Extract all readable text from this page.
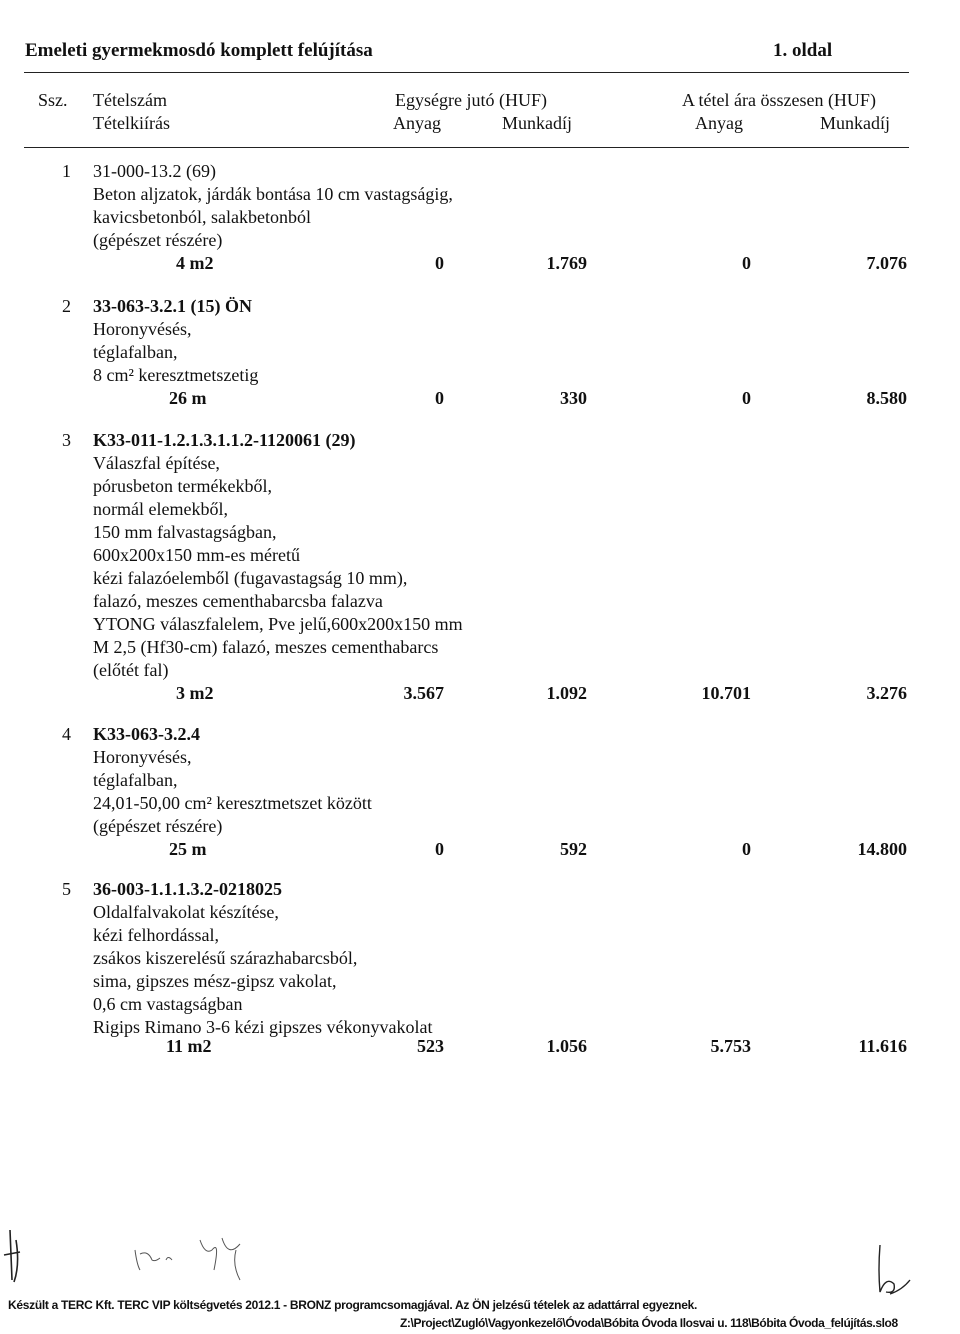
Emeleti gyermekmosdó komplett felújítása	1. oldal
Ssz. Tételszám	Egységre jutó (HUF)	A tétel ára összesen (HUF)
Tételkiírás	Anyag	Munkadíj	Anyag	Munkadíj
1 31-000-13.2 (69)
Beton aljzatok, járdák bontása 10 cm vastagságig,
kavicsbetonból, salakbetonból
(gépészet részére)
4 m2	0	1.769	0	7.076
2 33-063-3.2.1 (15) ÖN
Horonyvésés,
téglafalban,
8 cm² keresztmetszetig
26 m	0	330	0	8.580
3 K33-011-1.2.1.3.1.1.2-1120061 (29)
Válaszfal építése,
pórusbeton termékekből,
normál elemekből,
150 mm falvastagságban,
600x200x150 mm-es méretű
kézi falazóelemből (fugavastagság 10 mm),
falazó, meszes cementhabarcsba falazva
YTONG válaszfalelem, Pve jelű,600x200x150 mm
M 2,5 (Hf30-cm) falazó, meszes cementhabarcs
(előtét fal)
3 m2	3.567	1.092	10.701	3.276
4 K33-063-3.2.4
Horonyvésés,
téglafalban,
24,01-50,00 cm² keresztmetszet között
(gépészet részére)
25 m	0	592	0	14.800
5 36-003-1.1.1.3.2-0218025
Oldalfalvakolat készítése,
kézi felhordással,
zsákos kiszerelésű szárazhabarcsból,
sima, gipszes mész-gipsz vakolat,
0,6 cm vastagságban
Rigips Rimano 3-6 kézi gipszes vékonyvakolat
11 m2	523	1.056	5.753	11.616
Készült a TERC Kft. TERC VIP költségvetés 2012.1 - BRONZ programcsomagjával. Az ÖN jelzésű tételek az adattárral egyeznek.
Z:\Project\Zugló\Vagyonkezelő\Óvoda\Bóbita Óvoda Ilosvai u. 118\Bóbita Óvoda_felújítás.slo8
